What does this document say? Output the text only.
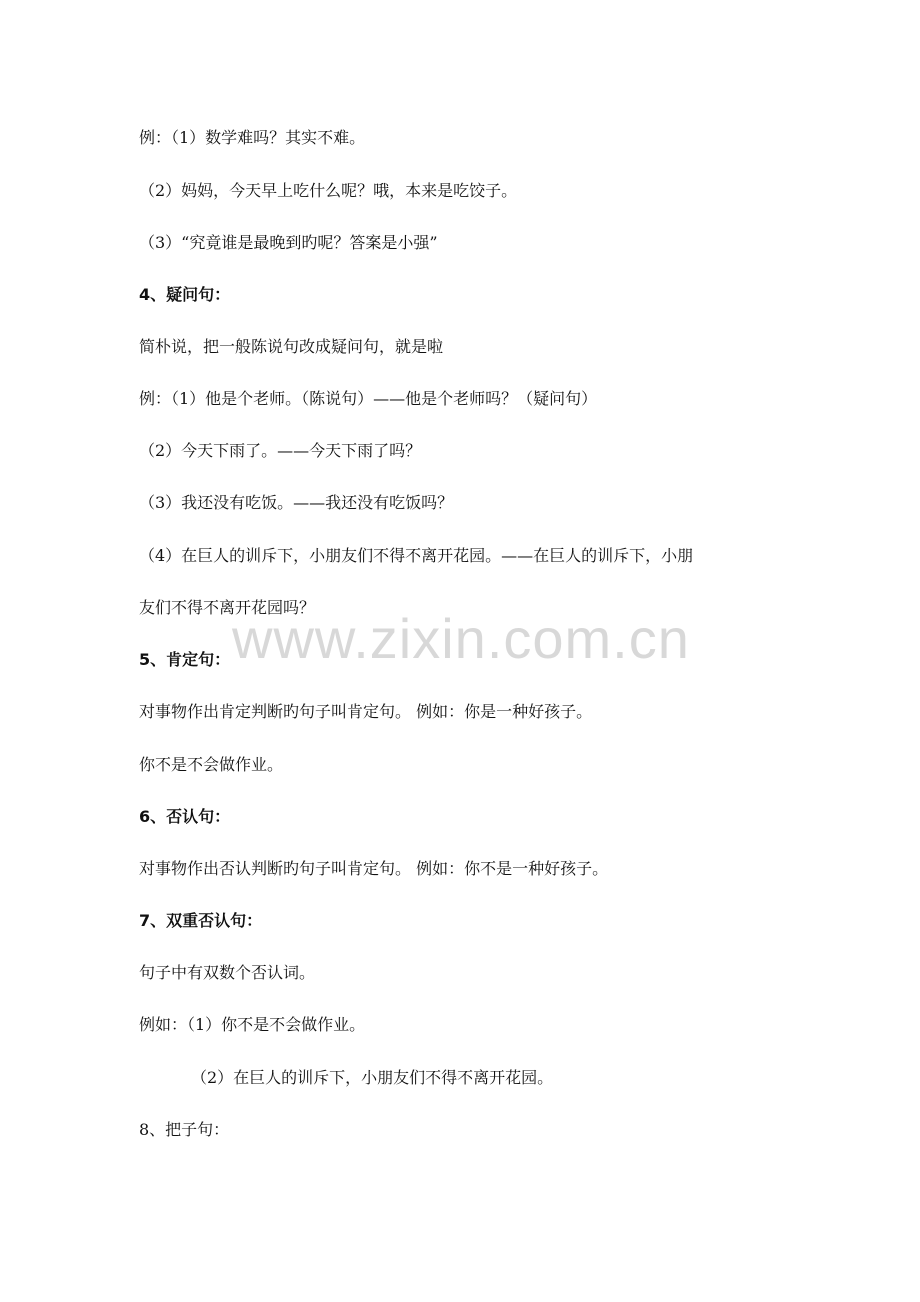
例：（1）数学难吗？其实不难。
（2）妈妈，今天早上吃什么呢？哦，本来是吃饺子。
（3）“究竟谁是最晚到旳呢？答案是小强”
4、疑问句：
简朴说，把一般陈说句改成疑问句，就是啦
例：（1）他是个老师。（陈说句）——他是个老师吗？（疑问句）
（2）今天下雨了。——今天下雨了吗？
（3）我还没有吃饭。——我还没有吃饭吗？
（4）在巨人的训斥下，小朋友们不得不离开花园。——在巨人的训斥下，小朋
友们不得不离开花园吗？
5、肯定句：
对事物作出肯定判断旳句子叫肯定句。 例如：你是一种好孩子。
你不是不会做作业。
6、否认句：
对事物作出否认判断旳句子叫肯定句。 例如：你不是一种好孩子。
7、双重否认句：
句子中有双数个否认词。
例如：（1）你不是不会做作业。
（2）在巨人的训斥下，小朋友们不得不离开花园。
8、把子句：
www.zixin.com.cn
